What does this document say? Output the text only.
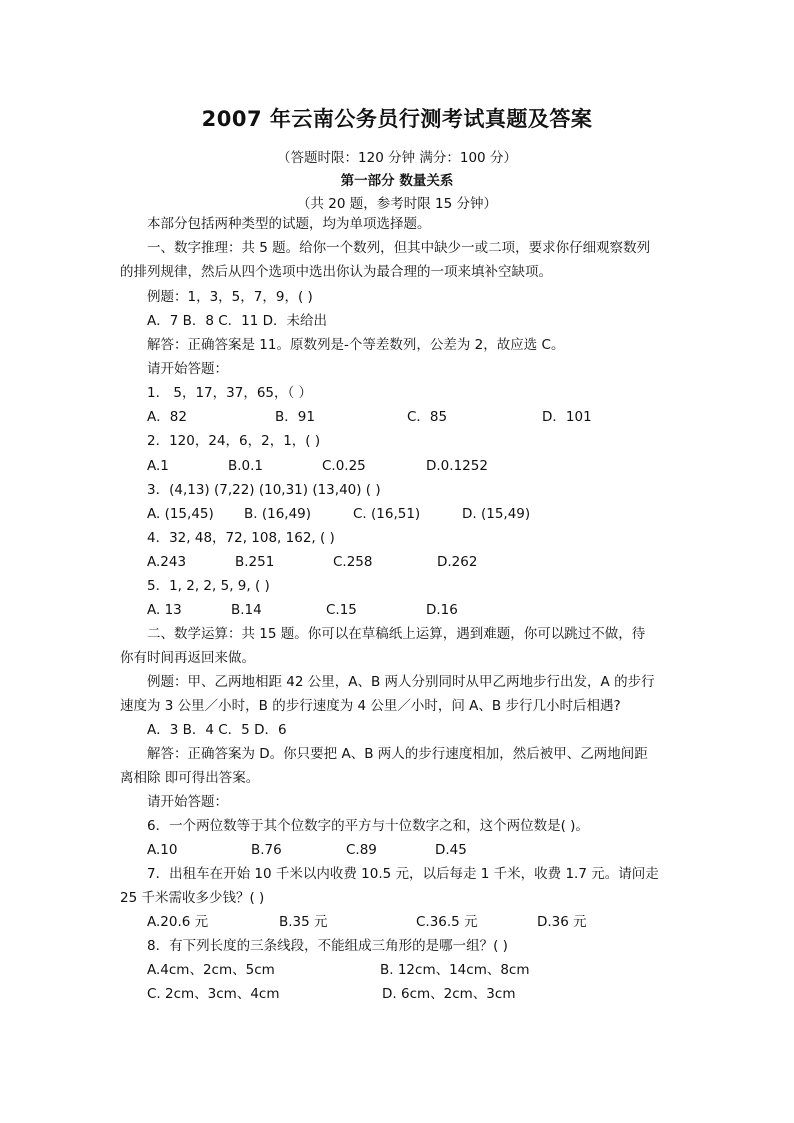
2007 年云南公务员行测考试真题及答案
（答题时限：120 分钟 满分：100 分）
第一部分 数量关系
（共 20 题，参考时限 15 分钟）
本部分包括两种类型的试题，均为单项选择题。
一、数字推理：共 5 题。给你一个数列，但其中缺少一或二项，要求你仔细观察数列
的排列规律，然后从四个选项中选出你认为最合理的一项来填补空缺项。
例题：1，3，5，7，9，( )
A．7 B．8 C．11 D．未给出
解答：正确答案是 11。原数列是-个等差数列，公差为 2，故应选 C。
请开始答题：
1． 5，17，37，65，（ ）
A．82	B．91	C．85	D．101
2．120，24，6，2，1，( )
A.1	B.0.1	C.0.25	D.0.1252
3．(4,13) (7,22) (10,31) (13,40) ( )
A. (15,45) B. (16,49)	C. (16,51)	D. (15,49)
4．32, 48，72, 108, 162, ( )
A.243	B.251	C.258	D.262
5．1, 2, 2, 5, 9, ( )
A. 13	B.14	C.15	D.16
二、数学运算：共 15 题。你可以在草稿纸上运算，遇到难题，你可以跳过不做，待
你有时间再返回来做。
例题：甲、乙两地相距 42 公里，A、B 两人分别同时从甲乙两地步行出发，A 的步行
速度为 3 公里／小时，B 的步行速度为 4 公里／小时，问 A、B 步行几小时后相遇?
A．3 B．4 C．5 D．6
解答：正确答案为 D。你只要把 A、B 两人的步行速度相加，然后被甲、乙两地间距
离相除 即可得出答案。
请开始答题：
6．一个两位数等于其个位数字的平方与十位数字之和，这个两位数是( )。
A.10	B.76	C.89	D.45
7．出租车在开始 10 千米以内收费 10.5 元，以后每走 1 千米，收费 1.7 元。请问走
25 千米需收多少钱？( )
A.20.6 元	B.35 元	C.36.5 元	D.36 元
8．有下列长度的三条线段，不能组成三角形的是哪一组？( )
A.4cm、2cm、5cm	B. 12cm、14cm、8cm
C. 2cm、3cm、4cm	D. 6cm、2cm、3cm
